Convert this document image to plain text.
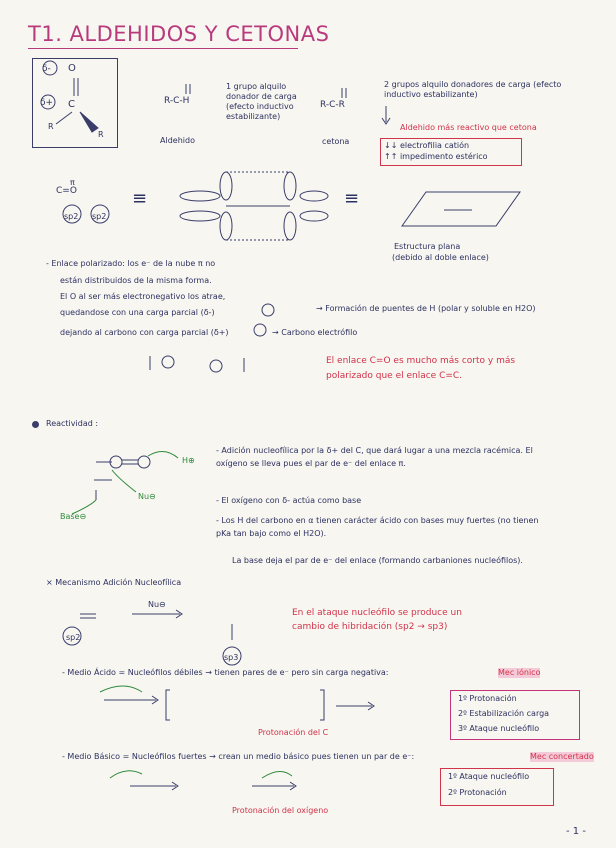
T1. ALDEHIDOS Y CETONAS
δ- O
δ+ C
R
R
R-C-H
Aldehido
1 grupo alquilo donador de carga (efecto inductivo estabilizante)
R-C-R
cetona
2 grupos alquilo donadores de carga (efecto inductivo estabilizante)
Aldehido más reactivo que cetona
↓↓ electrofilia catión
↑↑ impedimento estérico
C=O
π
sp2 sp2
≡	≡
Estructura plana
(debido al doble enlace)
- Enlace polarizado: los e⁻ de la nube π no
están distribuidos de la misma forma.
El O al ser más electronegativo los atrae,
quedandose con una carga parcial (δ-)	→ Formación de puentes de H (polar y soluble en H2O)
dejando al carbono con carga parcial (δ+)	→ Carbono electrófilo
El enlace C=O es mucho más corto y más polarizado que el enlace C=C.
Reactividad :
H⊕
Nu⊖
Base⊖
- Adición nucleofílica por la δ+ del C, que dará lugar a una mezcla racémica. El oxígeno se lleva pues el par de e⁻ del enlace π.
- El oxígeno con δ- actúa como base
- Los H del carbono en α tienen carácter ácido con bases muy fuertes (no tienen pKa tan bajo como el H2O).
La base deja el par de e⁻ del enlace (formando carbaniones nucleófilos).
× Mecanismo Adición Nucleofílica
Nu⊖
sp2
sp3
En el ataque nucleófilo se produce un cambio de hibridación (sp2 → sp3)
- Medio Ácido = Nucleófilos débiles → tienen pares de e⁻ pero sin carga negativa:	Mec iónico
Protonación del C
1º Protonación
2º Estabilización carga
3º Ataque nucleófilo
- Medio Básico = Nucleófilos fuertes → crean un medio básico pues tienen un par de e⁻:	Mec concertado
Protonación del oxígeno
1º Ataque nucleófilo
2º Protonación
- 1 -
